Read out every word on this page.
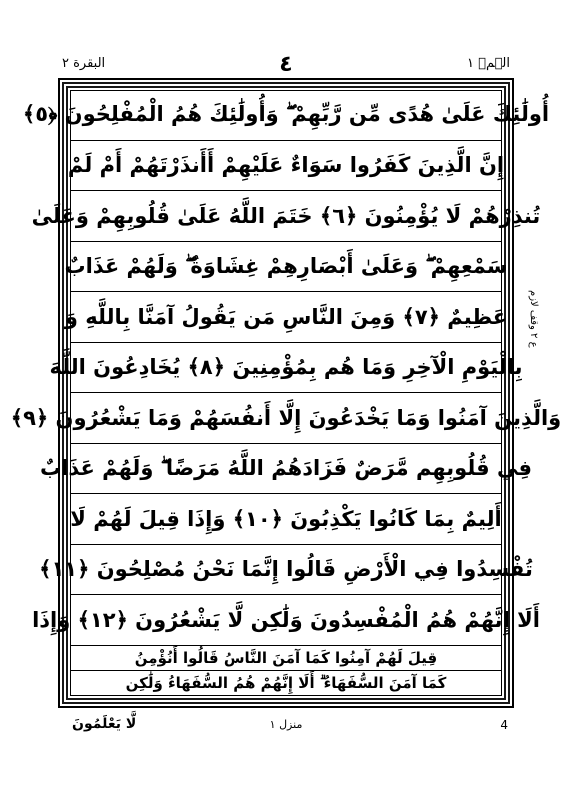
البقرة ٢	٤	الۗمۗ ١
أُولَٰئِكَ عَلَىٰ هُدًى مِّن رَّبِّهِمْ ۖ وَأُولَٰئِكَ هُمُ الْمُفْلِحُونَ ﴿٥﴾
إِنَّ الَّذِينَ كَفَرُوا سَوَاءٌ عَلَيْهِمْ أَأَنذَرْتَهُمْ أَمْ لَمْ
تُنذِرْهُمْ لَا يُؤْمِنُونَ ﴿٦﴾ خَتَمَ اللَّهُ عَلَىٰ قُلُوبِهِمْ وَعَلَىٰ
سَمْعِهِمْ ۖ وَعَلَىٰ أَبْصَارِهِمْ غِشَاوَةٌ ۖ وَلَهُمْ عَذَابٌ
عَظِيمٌ ﴿٧﴾ وَمِنَ النَّاسِ مَن يَقُولُ آمَنَّا بِاللَّهِ وَ
بِالْيَوْمِ الْآخِرِ وَمَا هُم بِمُؤْمِنِينَ ﴿٨﴾ يُخَادِعُونَ اللَّهَ
وَالَّذِينَ آمَنُوا وَمَا يَخْدَعُونَ إِلَّا أَنفُسَهُمْ وَمَا يَشْعُرُونَ ﴿٩﴾
فِي قُلُوبِهِم مَّرَضٌ فَزَادَهُمُ اللَّهُ مَرَضًا ۖ وَلَهُمْ عَذَابٌ
أَلِيمٌ بِمَا كَانُوا يَكْذِبُونَ ﴿١٠﴾ وَإِذَا قِيلَ لَهُمْ لَا
تُفْسِدُوا فِي الْأَرْضِ قَالُوا إِنَّمَا نَحْنُ مُصْلِحُونَ ﴿١١﴾
أَلَا إِنَّهُمْ هُمُ الْمُفْسِدُونَ وَلَٰكِن لَّا يَشْعُرُونَ ﴿١٢﴾ وَإِذَا
قِيلَ لَهُمْ آمِنُوا كَمَا آمَنَ النَّاسُ قَالُوا أَنُؤْمِنُ
كَمَا آمَنَ السُّفَهَاءُ ۗ أَلَا إِنَّهُمْ هُمُ السُّفَهَاءُ وَلَٰكِن
ع ٢ وقف لازم
لَّا يَعْلَمُونَ	منزل ١	4
